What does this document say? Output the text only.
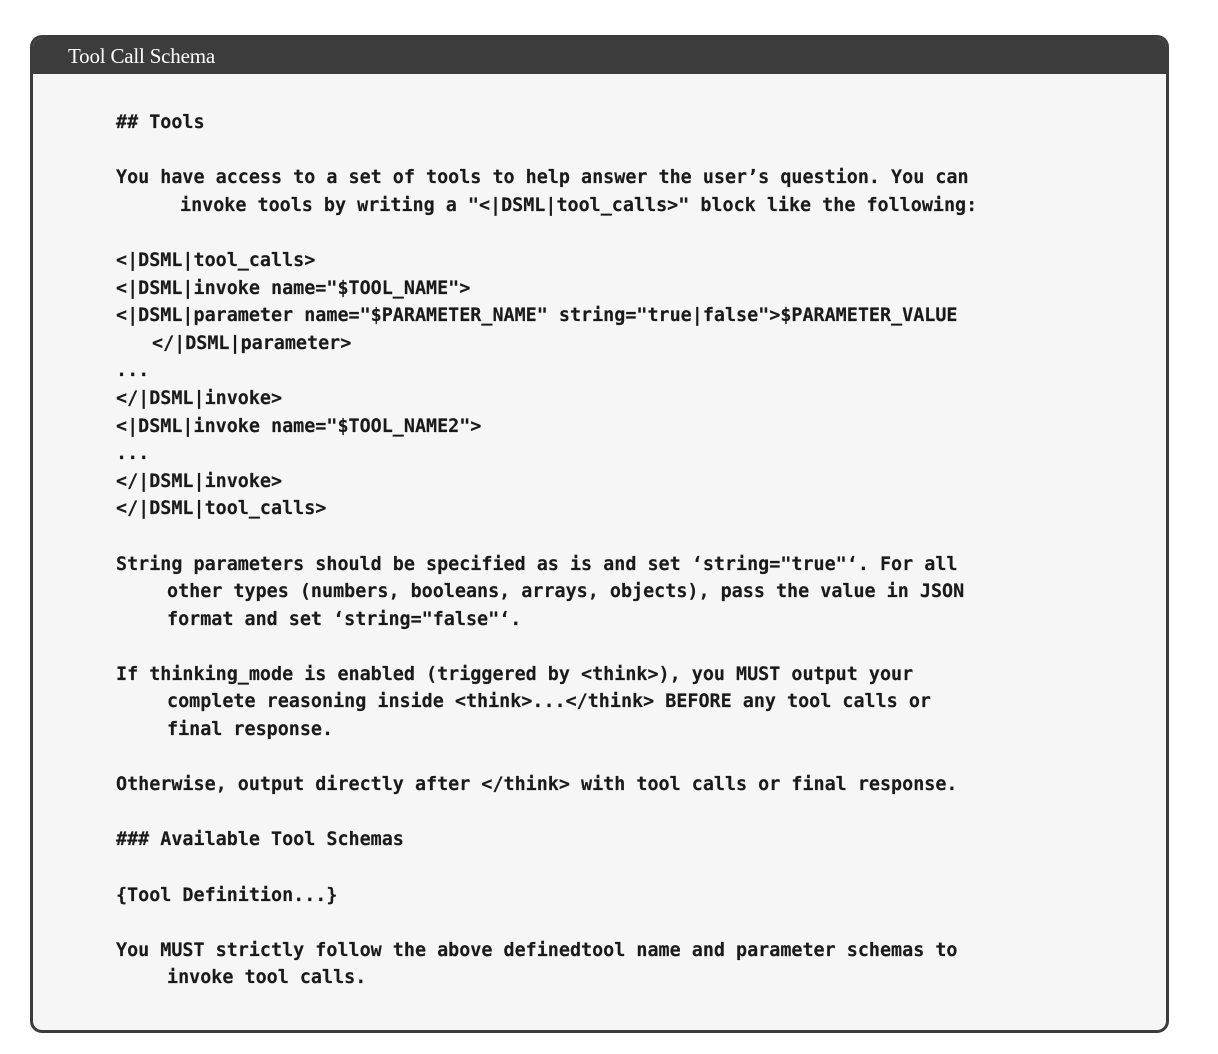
Tool Call Schema
## Tools
You have access to a set of tools to help answer the user’s question. You can
invoke tools by writing a "<|DSML|tool_calls>" block like the following:
<|DSML|tool_calls>
<|DSML|invoke name="$TOOL_NAME">
<|DSML|parameter name="$PARAMETER_NAME" string="true|false">$PARAMETER_VALUE
</|DSML|parameter>
...
</|DSML|invoke>
<|DSML|invoke name="$TOOL_NAME2">
...
</|DSML|invoke>
</|DSML|tool_calls>
String parameters should be specified as is and set ‘string="true"‘. For all
other types (numbers, booleans, arrays, objects), pass the value in JSON
format and set ‘string="false"‘.
If thinking_mode is enabled (triggered by <think>), you MUST output your
complete reasoning inside <think>...</think> BEFORE any tool calls or
final response.
Otherwise, output directly after </think> with tool calls or final response.
### Available Tool Schemas
{Tool Definition...}
You MUST strictly follow the above definedtool name and parameter schemas to
invoke tool calls.
